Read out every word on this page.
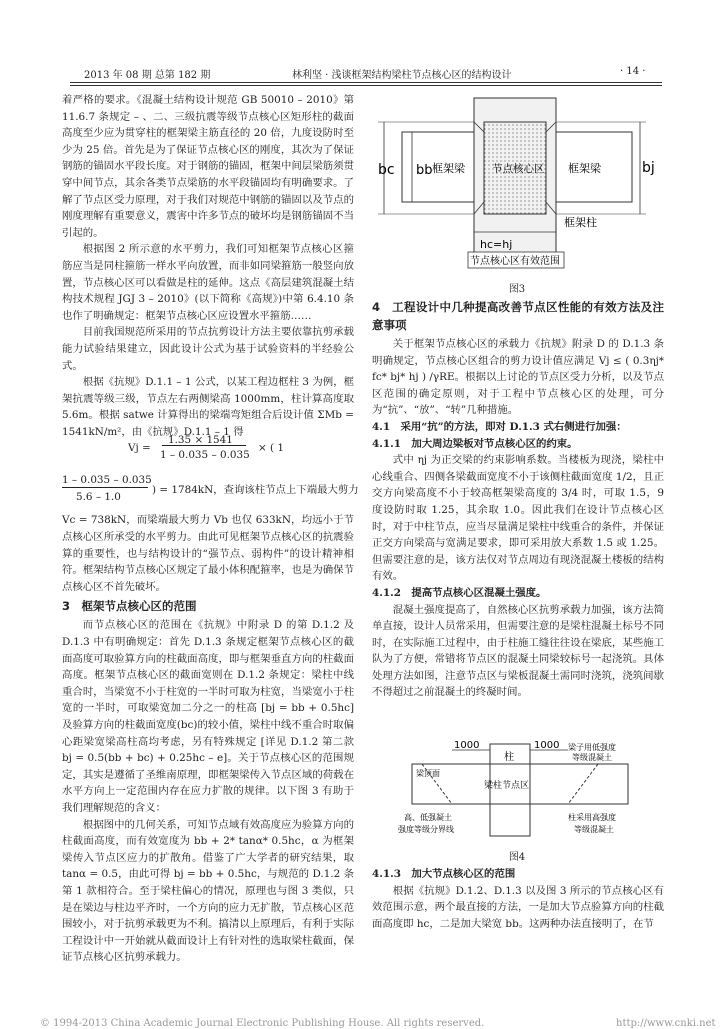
2013 年 08 期 总第 182 期	林利坚 · 浅谈框架结构梁柱节点核心区的结构设计	· 14 ·

着严格的要求。《混凝土结构设计规范 GB 50010 – 2010》第 11.6.7 条规定 – 、二、三级抗震等级节点核心区矩形柱的截面高度至少应为贯穿柱的框架梁主筋直径的 20 倍，九度设防时至少为 25 倍。首先是为了保证节点核心区的刚度，其次为了保证钢筋的锚固水平段长度。对于钢筋的锚固，框架中间层梁筋须贯穿中间节点，其余各类节点梁筋的水平段锚固均有明确要求。了解了节点区受力原理，对于我们对规范中钢筋的锚固以及节点的刚度理解有重要意义，震害中许多节点的破坏均是钢筋锚固不当引起的。

根据图 2 所示意的水平剪力，我们可知框架节点核心区箍筋应当是同柱箍筋一样水平向放置，而非如同梁箍筋一般竖向放置，节点核心区可以看做是柱的延伸。这点《高层建筑混凝土结构技术规程 JGJ 3 – 2010》(以下简称《高规》)中第 6.4.10 条也作了明确规定：框架节点核心区应设置水平箍筋……

目前我国规范所采用的节点抗剪设计方法主要依靠抗剪承载能力试验结果建立，因此设计公式为基于试验资料的半经验公式。

根据《抗规》D.1.1 – 1 公式，以某工程边框柱 3 为例，框架抗震等级三级，节点左右两侧梁高 1000mm，柱计算高度取 5.6m。根据 satwe 计算得出的梁端弯矩组合后设计值 ΣMb = 1541kN/m²，由《抗规》D.1.1 – 1 得

Vj =
1.35 × 1541
1 – 0.035 – 0.035
× ( 1
1 – 0.035 – 0.035
5.6 – 1.0
) = 1784kN，查询该柱节点上下端最大剪力

Vc = 738kN，而梁端最大剪力 Vb 也仅 633kN，均远小于节点核心区所承受的水平剪力。由此可见框架节点核心区的抗震验算的重要性，也与结构设计的“强节点、弱构件”的设计精神相符。框架结构节点核心区规定了最小体积配箍率，也是为确保节点核心区不首先破坏。

3　框架节点核心区的范围

而节点核心区的范围在《抗规》中附录 D 的第 D.1.2 及 D.1.3 中有明确规定：首先 D.1.3 条规定框架节点核心区的截面高度可取验算方向的柱截面高度，即与框架垂直方向的柱截面高度。框架节点核心区的截面宽则在 D.1.2 条规定：梁柱中线重合时，当梁宽不小于柱宽的一半时可取为柱宽，当梁宽小于柱宽的一半时，可取梁宽加二分之一的柱高 [bj = bb + 0.5hc] 及验算方向的柱截面宽度(bc)的较小值，梁柱中线不重合时取偏心距梁宽梁高柱高均考虑，另有特殊规定 [详见 D.1.2 第二款 bj = 0.5(bb + bc) + 0.25hc – e]。关于节点核心区的范围规定，其实是遵循了圣维南原理，即框架梁传入节点区域的荷载在水平方向上一定范围内存在应力扩散的规律。以下图 3 有助于我们理解规范的含义：

根据图中的几何关系，可知节点域有效高度应为验算方向的柱截面高度，而有效宽度为 bb + 2* tanα* 0.5hc，α 为框架梁传入节点区应力的扩散角。借鉴了广大学者的研究结果，取 tanα = 0.5，由此可得 bj = bb + 0.5hc，与规范的 D.1.2 条第 1 款相符合。至于梁柱偏心的情况，原理也与图 3 类似，只是在梁边与柱边平齐时，一个方向的应力无扩散，节点核心区范围较小，对于抗剪承载更为不利。搞清以上原理后，有利于实际工程设计中一开始就从截面设计上有针对性的选取梁柱截面，保证节点核心区抗剪承载力。

bc bb	bj
框架梁	框架梁
框架柱
节点核心区
hc=hj
节点核心区有效范围
图3
4　工程设计中几种提高改善节点区性能的有效方法及注意事项

关于框架节点核心区的承载力《抗规》附录 D 的 D.1.3 条明确规定，节点核心区组合的剪力设计值应满足 Vj ≤ ( 0.3ηj* fc* bj* hj ) /γRE。根据以上讨论的节点区受力分析，以及节点区范围的确定原则，对于工程中节点核心区的处理，可分为“抗”、“放”、“转”几种措施。

4.1　采用“抗”的方法，即对 D.1.3 式右侧进行加强：
4.1.1　加大周边梁板对节点核心区的约束。

式中 ηj 为正交梁的约束影响系数。当楼板为现浇，梁柱中心线重合、四侧各梁截面宽度不小于该侧柱截面宽度 1/2，且正交方向梁高度不小于较高框架梁高度的 3/4 时，可取 1.5，9 度设防时取 1.25，其余取 1.0。因此我们在设计节点核心区时，对于中柱节点，应当尽量满足梁柱中线重合的条件，并保证正交方向梁高与宽满足要求，即可采用放大系数 1.5 或 1.25。但需要注意的是，该方法仅对节点周边有现浇混凝土楼板的结构有效。

4.1.2　提高节点核心区混凝土强度。

混凝土强度提高了，自然核心区抗剪承载力加强，该方法简单直接，设计人员常采用，但需要注意的是梁柱混凝土标号不同时，在实际施工过程中，由于柱施工缝往往设在梁底，某些施工队为了方便，常错将节点区的混凝土同梁较标号一起浇筑。具体处理方法如图，注意节点区与梁板混凝土需同时浇筑，浇筑间歇不得超过之前混凝土的终凝时间。

1000	1000
柱
梁顶面
梁柱节点区
梁子用低强度
等级混凝土
高、低强凝土
强度等级分界线
柱采用高强度
等级混凝土
图4
4.1.3　加大节点核心区的范围

根据《抗规》D.1.2、D.1.3 以及图 3 所示的节点核心区有效范围示意，两个最直接的方法，一是加大节点验算方向的柱截面高度即 hc，二是加大梁宽 bb。这两种办法直接明了，在节

© 1994-2013 China Academic Journal Electronic Publishing House. All rights reserved.	http://www.cnki.net
